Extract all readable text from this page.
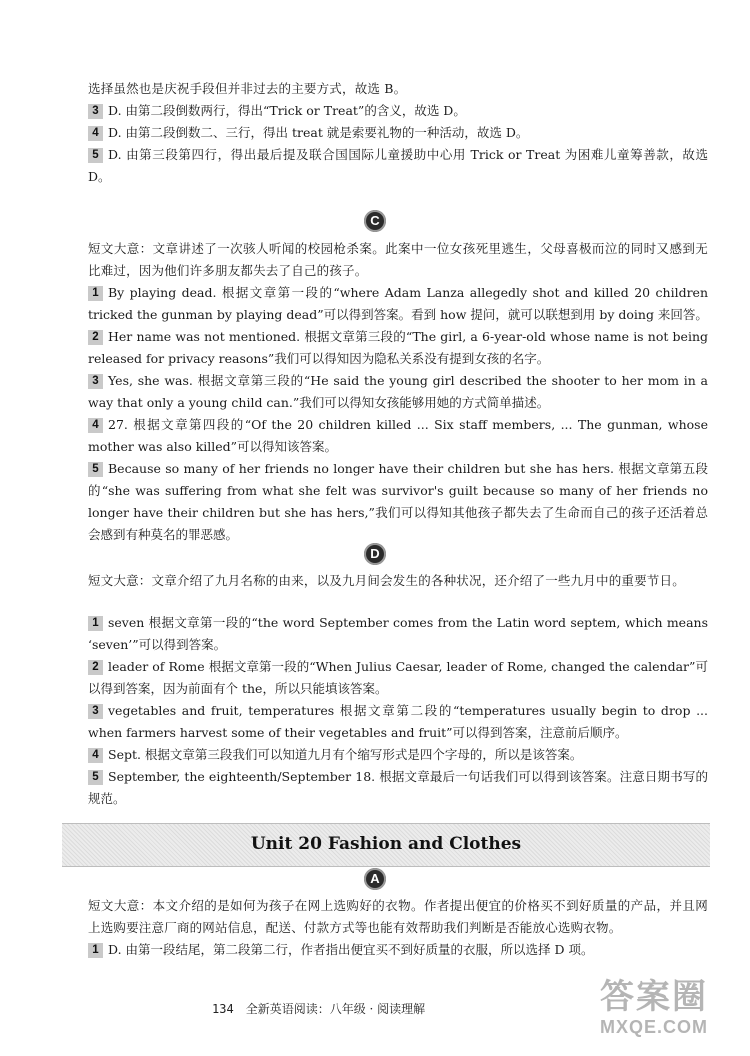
选择虽然也是庆祝手段但并非过去的主要方式，故选 B。
3 D. 由第二段倒数两行，得出“Trick or Treat”的含义，故选 D。
4 D. 由第二段倒数二、三行，得出 treat 就是索要礼物的一种活动，故选 D。
5 D. 由第三段第四行，得出最后提及联合国国际儿童援助中心用 Trick or Treat 为困难儿童筹善款，故选 D。
C
短文大意：文章讲述了一次骇人听闻的校园枪杀案。此案中一位女孩死里逃生，父母喜极而泣的同时又感到无比难过，因为他们许多朋友都失去了自己的孩子。
1 By playing dead. 根据文章第一段的“where Adam Lanza allegedly shot and killed 20 children tricked the gunman by playing dead”可以得到答案。看到 how 提问，就可以联想到用 by doing 来回答。
2 Her name was not mentioned. 根据文章第三段的“The girl, a 6-year-old whose name is not being released for privacy reasons”我们可以得知因为隐私关系没有提到女孩的名字。
3 Yes, she was. 根据文章第三段的“He said the young girl described the shooter to her mom in a way that only a young child can.”我们可以得知女孩能够用她的方式简单描述。
4 27. 根据文章第四段的“Of the 20 children killed ... Six staff members, ... The gunman, whose mother was also killed”可以得知该答案。
5 Because so many of her friends no longer have their children but she has hers. 根据文章第五段的“she was suffering from what she felt was survivor's guilt because so many of her friends no longer have their children but she has hers,”我们可以得知其他孩子都失去了生命而自己的孩子还活着总会感到有种莫名的罪恶感。
D
短文大意：文章介绍了九月名称的由来，以及九月间会发生的各种状况，还介绍了一些九月中的重要节日。
1 seven 根据文章第一段的“the word September comes from the Latin word septem, which means ‘seven’”可以得到答案。
2 leader of Rome 根据文章第一段的“When Julius Caesar, leader of Rome, changed the calendar”可以得到答案，因为前面有个 the，所以只能填该答案。
3 vegetables and fruit, temperatures 根据文章第二段的“temperatures usually begin to drop ... when farmers harvest some of their vegetables and fruit”可以得到答案，注意前后顺序。
4 Sept. 根据文章第三段我们可以知道九月有个缩写形式是四个字母的，所以是该答案。
5 September, the eighteenth/September 18. 根据文章最后一句话我们可以得到该答案。注意日期书写的规范。
Unit 20 Fashion and Clothes
A
短文大意：本文介绍的是如何为孩子在网上选购好的衣物。作者提出便宜的价格买不到好质量的产品，并且网上选购要注意厂商的网站信息，配送、付款方式等也能有效帮助我们判断是否能放心选购衣物。
1 D. 由第一段结尾，第二段第二行，作者指出便宜买不到好质量的衣服，所以选择 D 项。
134 全新英语阅读：八年级 · 阅读理解	答案圈
MXQE.COM
